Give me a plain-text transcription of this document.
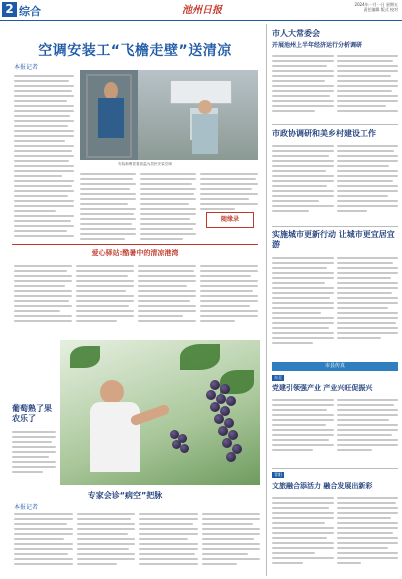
2 综合	池州日报
2024年一月一日 星期五
责任编辑 版式 校对
空调安装工“飞檐走壁”送清凉
本报记者
安装师傅冒着高温为居民安装空调
随缘录
爱心驿站:酷暑中的清凉港湾
葡萄熟了果农乐了
专家会诊“病空”把脉
本报记者
市人大常委会
开展池州上半年经济运行分析调研
市政协调研和美乡村建设工作
实施城市更新行动 让城市更宜居宜游
市县传真
东至
党建引领强产业 产业兴旺促振兴
青阳
文旅融合添活力 融合发展出新彩
